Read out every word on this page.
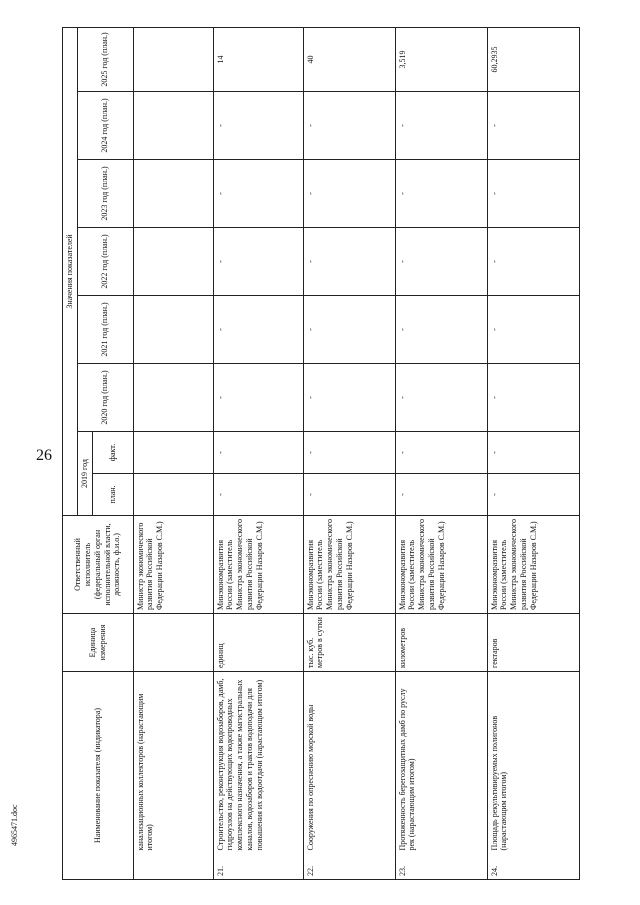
26
4965471.doc	Наименование показателя (индикатора)		Единица измерения	Ответственный исполнитель (федеральный орган исполнительной власти, должность, ф.и.о.)	Значения показателей							
				2019 год		2020 год (план.)	2021 год (план.)	2022 год (план.)	2023 год (план.)	2024 год (план.)	2025 год (план.)
				план.	факт.						
	канализационных коллекторов (нарастающим итогом)		Министр экономического развития Российской Федерации Назаров С.М.)								
21.	Строительство, реконструкция водозаборов, дамб, гидроузлов на действующих водопроводных комплексного назначения, а также магистральных каналов, водозаборов и трактов водоподачи для повышения их водоотдачи (нарастающим итогом)	единиц	Минэкономразвития России (заместитель Министра экономического развития Российской Федерации Назаров С.М.)	-	-	-	-	-	-	-	14
22.	Сооружения по опреснению морской воды	тыс. куб. метров в сутки	Минэкономразвития России (заместитель Министра экономического развития Российской Федерации Назаров С.М.)	-	-	-	-	-	-	-	40
23.	Протяженность берегозащитных дамб по руслу рек (нарастающим итогом)	километров	Минэкономразвития России (заместитель Министра экономического развития Российской Федерации Назаров С.М.)	-	-	-	-	-	-	-	3,519
24.	Площадь рекультивируемых полигонов (нарастающим итогом)	гектаров	Минэкономразвития России (заместитель Министра экономического развития Российской Федерации Назаров С.М.)	-	-	-	-	-	-	-	60,2935
